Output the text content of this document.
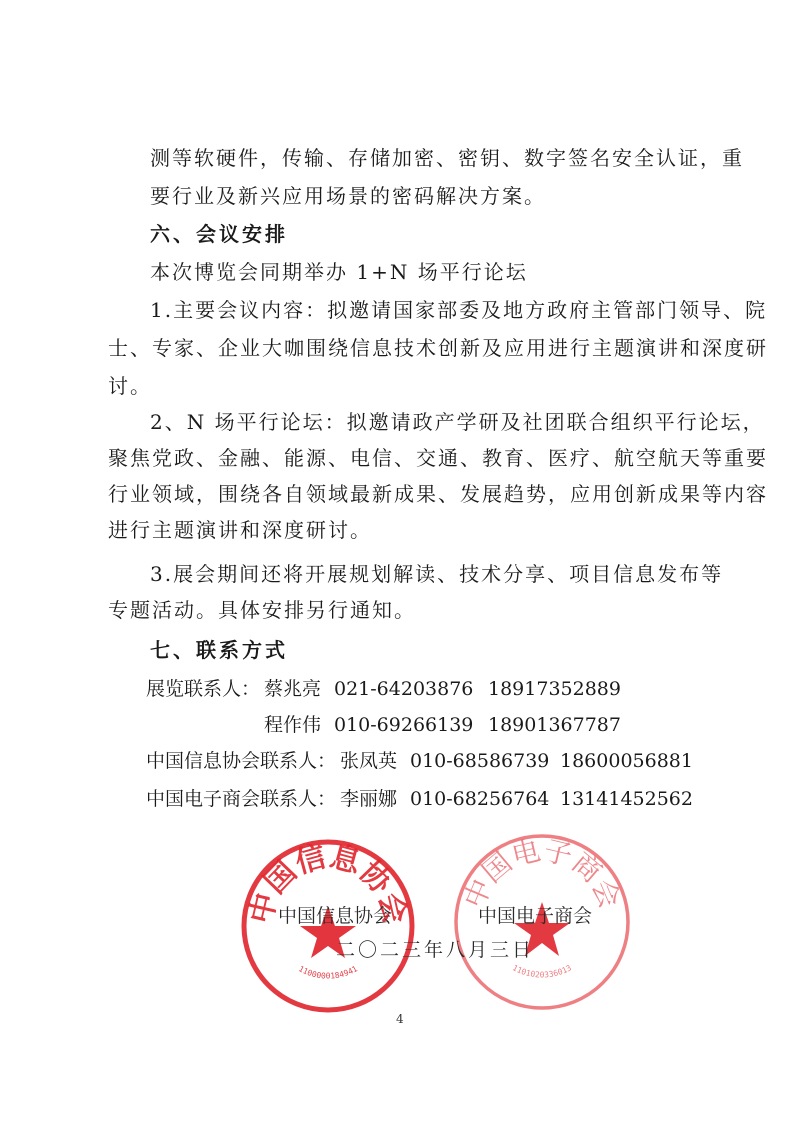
测等软硬件，传输、存储加密、密钥、数字签名安全认证，重
要行业及新兴应用场景的密码解决方案。
六、会议安排
本次博览会同期举办 1+N 场平行论坛
1.主要会议内容：拟邀请国家部委及地方政府主管部门领导、院
士、专家、企业大咖围绕信息技术创新及应用进行主题演讲和深度研
讨。
2、N 场平行论坛：拟邀请政产学研及社团联合组织平行论坛，
聚焦党政、金融、能源、电信、交通、教育、医疗、航空航天等重要
行业领域，围绕各自领域最新成果、发展趋势，应用创新成果等内容
进行主题演讲和深度研讨。
3.展会期间还将开展规划解读、技术分享、项目信息发布等
专题活动。具体安排另行通知。
七、联系方式
展览联系人： 蔡兆亮 021-64203876 18917352889
程作伟 010-69266139 18901367787
中国信息协会联系人： 张凤英 010-68586739 18600056881
中国电子商会联系人： 李丽娜 010-68256764 13141452562
中国信息协会
1100000184941
中国电子商会
1101020336013
中国信息协会	中国电子商会
二〇二三年八月三日
4
